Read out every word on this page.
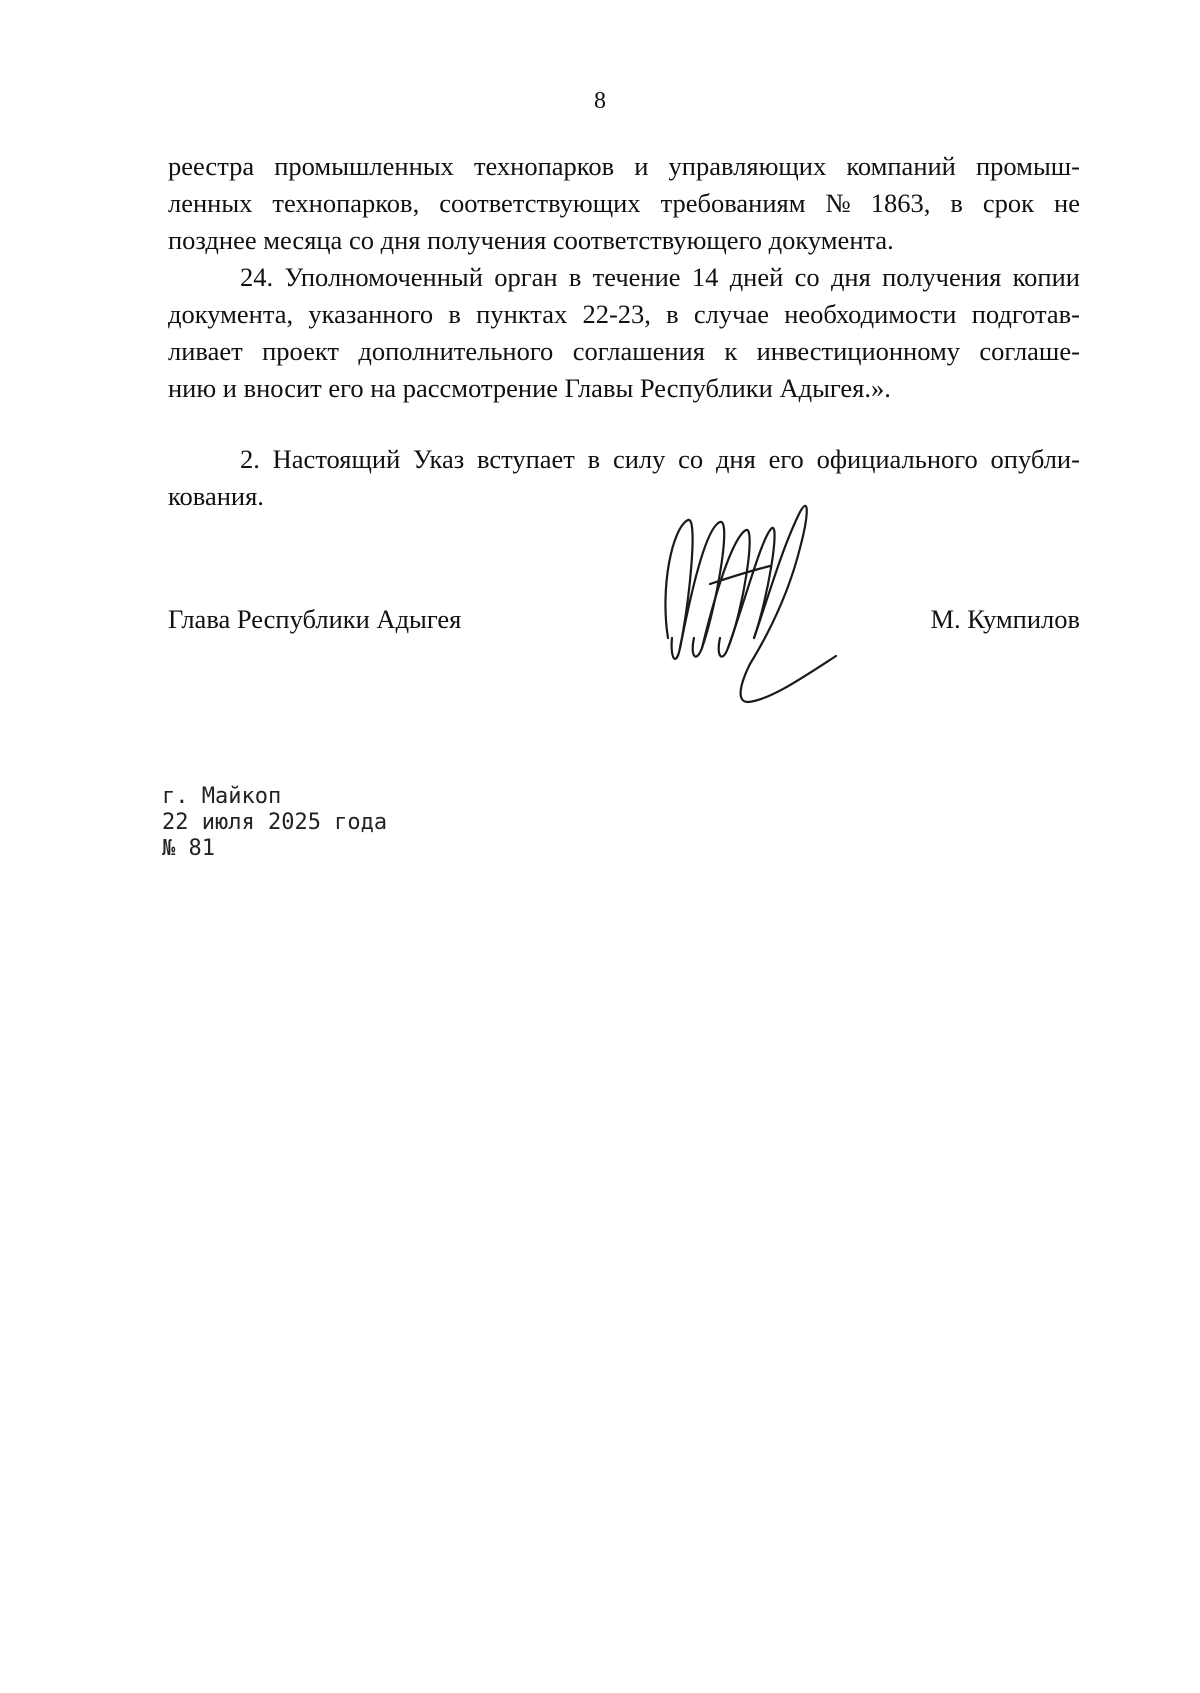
8
реестра промышленных технопарков и управляющих компаний промыш-
ленных технопарков, соответствующих требованиям № 1863, в срок не
позднее месяца со дня получения соответствующего документа.
24. Уполномоченный орган в течение 14 дней со дня получения копии
документа, указанного в пунктах 22-23, в случае необходимости подготав-
ливает проект дополнительного соглашения к инвестиционному соглаше-
нию и вносит его на рассмотрение Главы Республики Адыгея.».
2. Настоящий Указ вступает в силу со дня его официального опубли-
кования.
Глава Республики Адыгея	М. Кумпилов
г. Майкоп
22 июля 2025 года
№ 81
